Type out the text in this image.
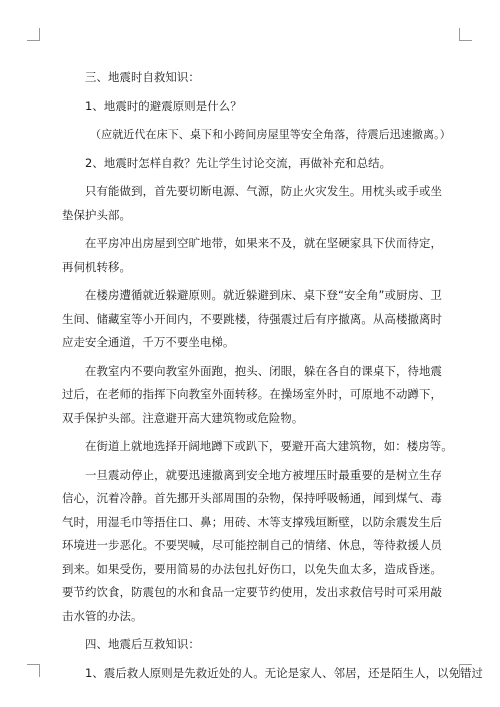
三、地震时自救知识：

1、地震时的避震原则是什么？

（应就近代在床下、桌下和小跨间房屋里等安全角落，待震后迅速撤离。）

2、地震时怎样自救？先让学生讨论交流，再做补充和总结。

只有能做到，首先要切断电源、气源，防止火灾发生。用枕头或手或坐垫保护头部。

在平房冲出房屋到空旷地带，如果来不及，就在坚硬家具下伏而待定，再伺机转移。

在楼房遭循就近躲避原则。就近躲避到床、桌下登“安全角”或厨房、卫生间、储藏室等小开间内，不要跳楼，待强震过后有序撤离。从高楼撤离时应走安全通道，千万不要坐电梯。

在教室内不要向教室外面跑，抱头、闭眼，躲在各自的课桌下，待地震过后，在老师的指挥下向教室外面转移。在操场室外时，可原地不动蹲下，双手保护头部。注意避开高大建筑物或危险物。

在街道上就地选择开阔地蹲下或趴下，要避开高大建筑物，如：楼房等。

一旦震动停止，就要迅速撤离到安全地方被埋压时最重要的是树立生存信心，沉着冷静。首先挪开头部周围的杂物，保持呼吸畅通，闻到煤气、毒气时，用湿毛巾等捂住口、鼻；用砖、木等支撑残垣断壁，以防余震发生后环境进一步恶化。不要哭喊，尽可能控制自己的情绪、休息，等待救援人员到来。如果受伤，要用简易的办法包扎好伤口，以免失血太多，造成昏迷。要节约饮食，防震包的水和食品一定要节约使用，发出求救信号时可采用敲击水管的办法。

四、地震后互救知识：

1、震后救人原则是先救近处的人。无论是家人、邻居，还是陌生人，以免错过
